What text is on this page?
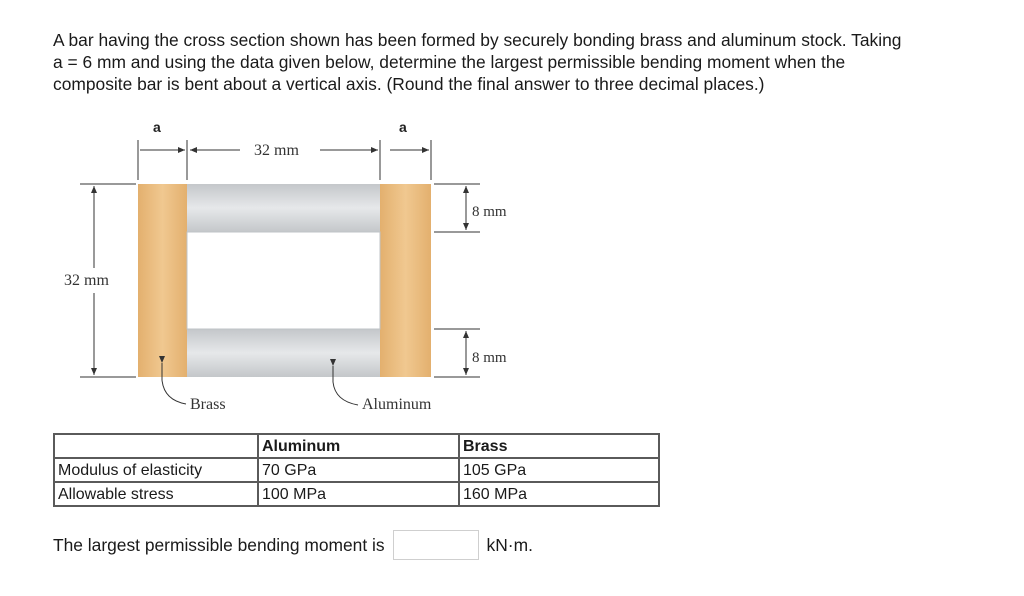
A bar having the cross section shown has been formed by securely bonding brass and aluminum stock. Taking

a = 6 mm and using the data given below, determine the largest permissible bending moment when the

composite bar is bent about a vertical axis. (Round the final answer to three decimal places.)

a	a
32 mm
32 mm
8 mm
8 mm
Brass	Aluminum
	Aluminum	Brass
Modulus of elasticity	70 GPa	105 GPa
Allowable stress	100 MPa	160 MPa
The largest permissible bending moment is	kN·m.
